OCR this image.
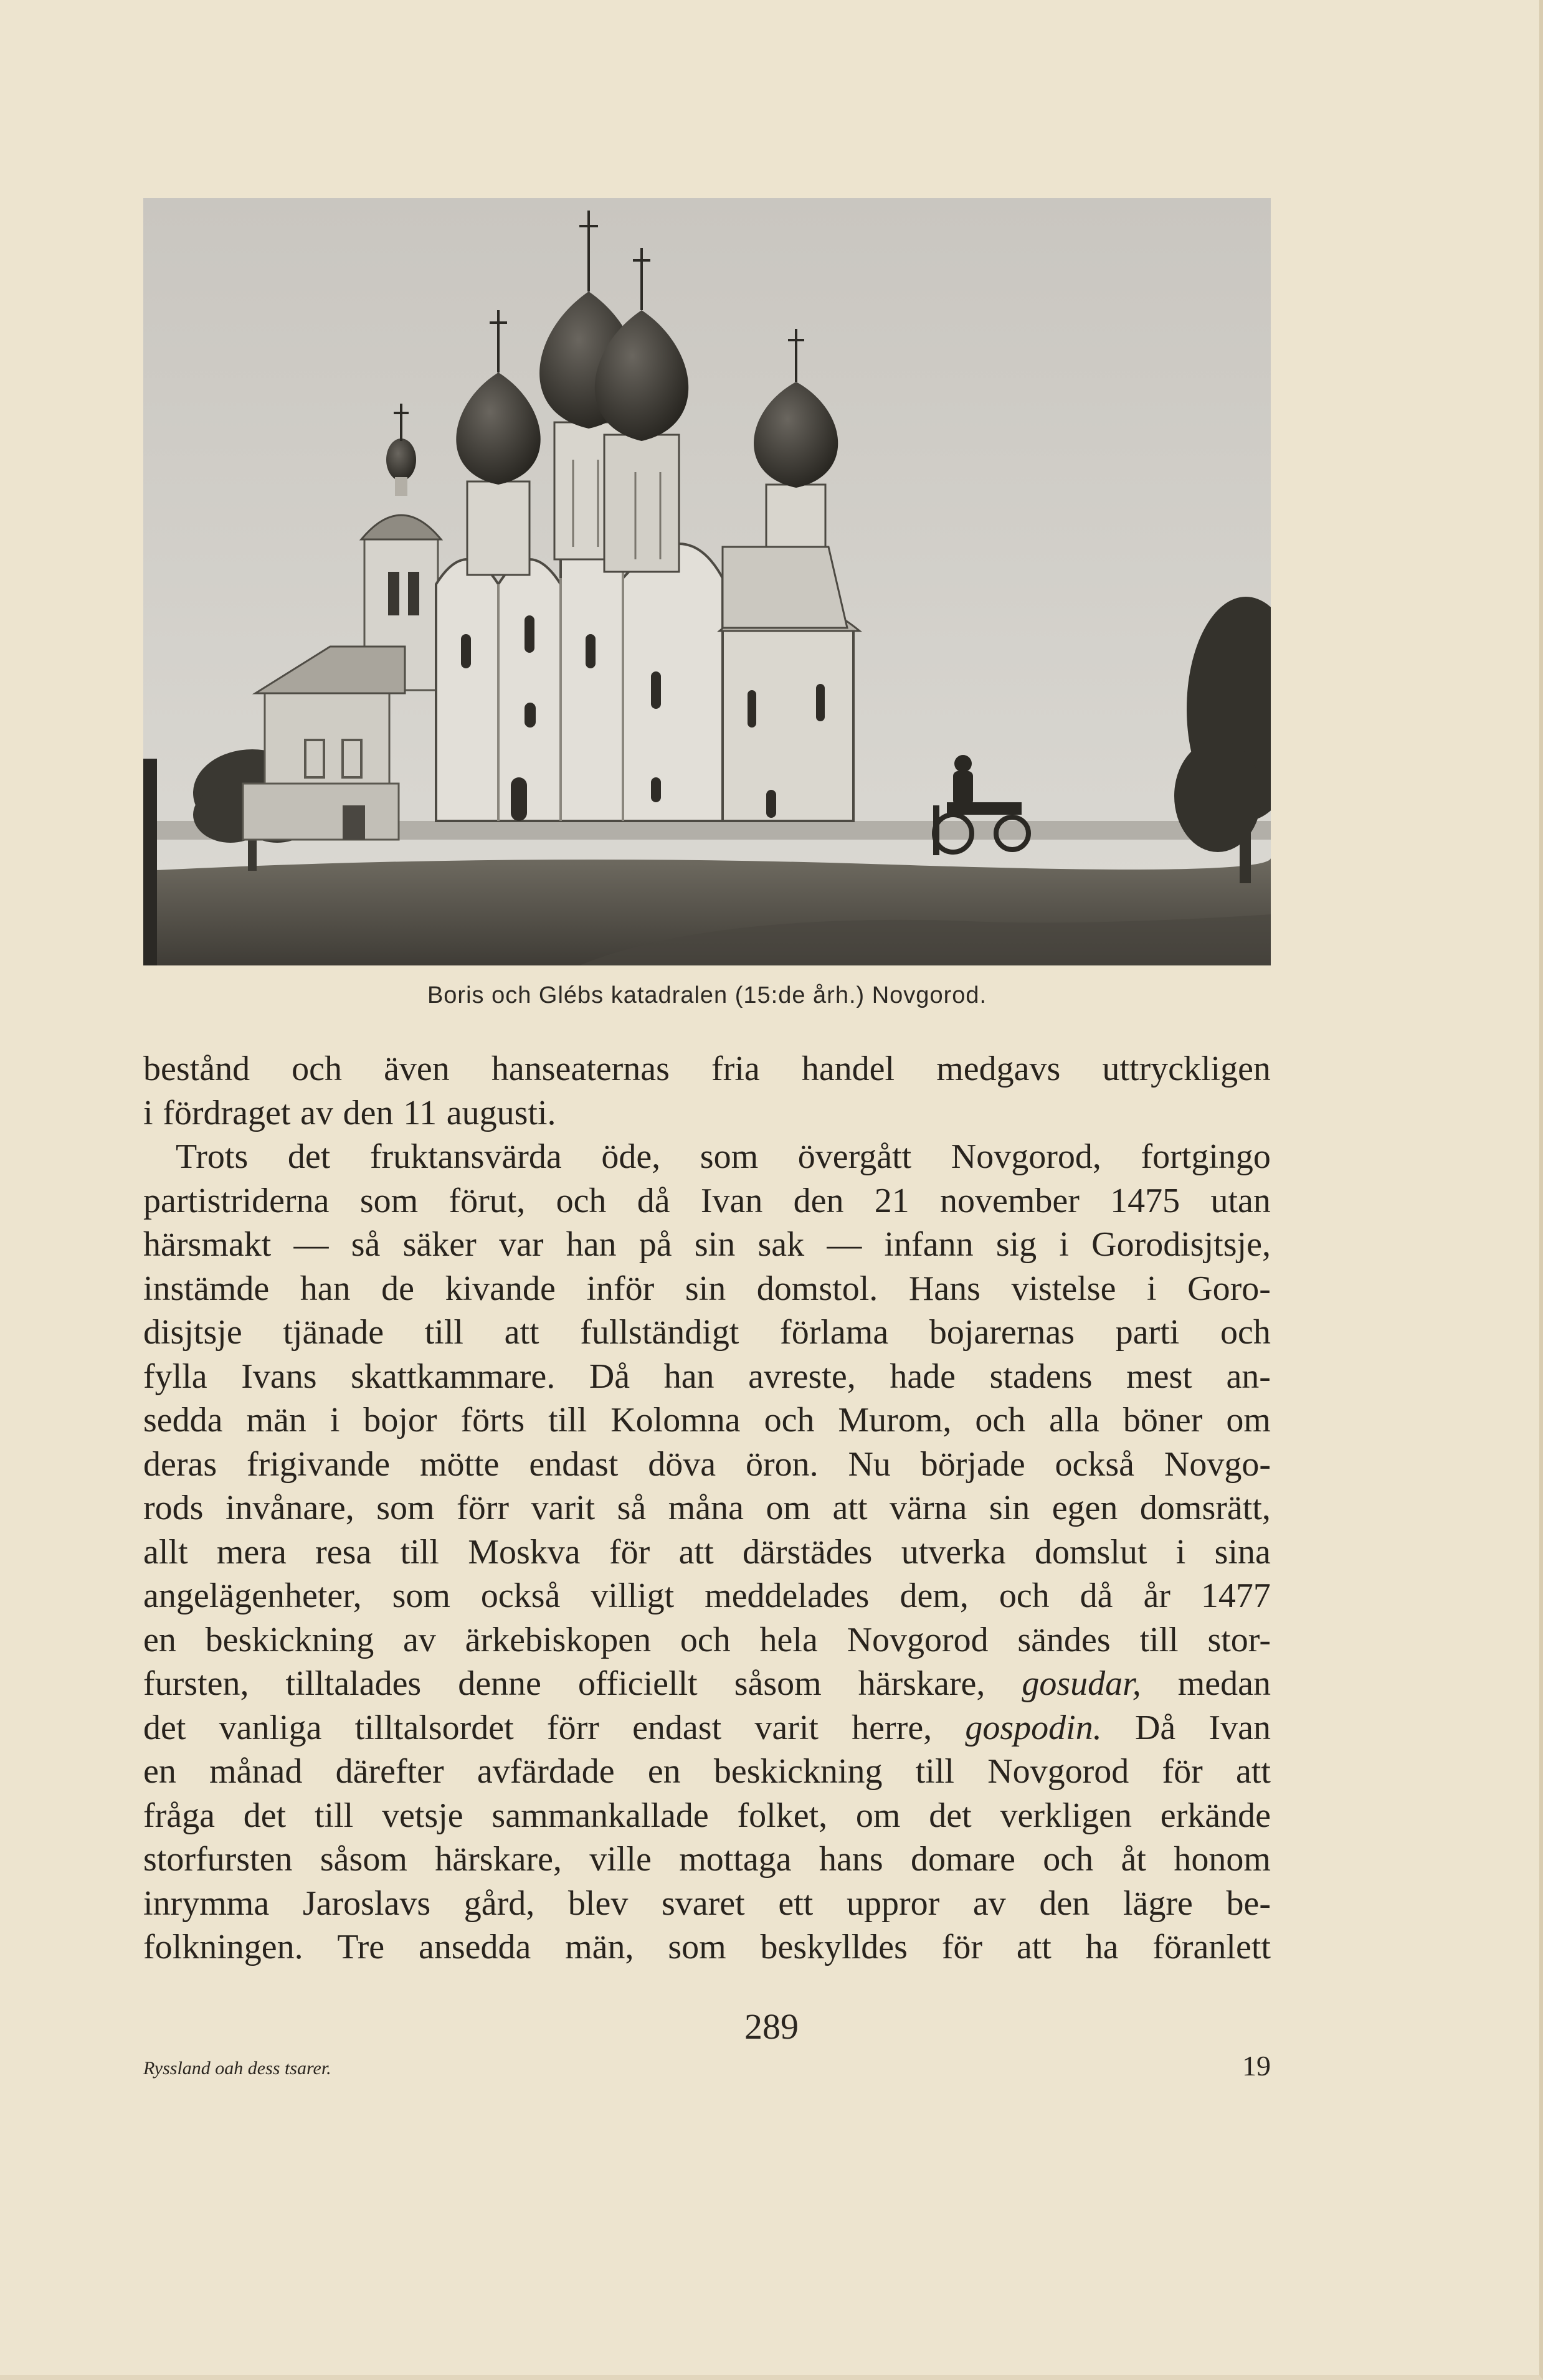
Boris och Glébs katadralen (15:de årh.) Novgorod.
bestånd och även hanseaternas fria handel medgavs uttryckligen
i fördraget av den 11 augusti.
Trots det fruktansvärda öde, som övergått Novgorod, fortgingo
partistriderna som förut, och då Ivan den 21 november 1475 utan
härsmakt — så säker var han på sin sak — infann sig i Gorodisjtsje,
instämde han de kivande inför sin domstol. Hans vistelse i Goro-
disjtsje tjänade till att fullständigt förlama bojarernas parti och
fylla Ivans skattkammare. Då han avreste, hade stadens mest an-
sedda män i bojor förts till Kolomna och Murom, och alla böner om
deras frigivande mötte endast döva öron. Nu började också Novgo-
rods invånare, som förr varit så måna om att värna sin egen domsrätt,
allt mera resa till Moskva för att därstädes utverka domslut i sina
angelägenheter, som också villigt meddelades dem, och då år 1477
en beskickning av ärkebiskopen och hela Novgorod sändes till stor-
fursten, tilltalades denne officiellt såsom härskare, gosudar, medan
det vanliga tilltalsordet förr endast varit herre, gospodin. Då Ivan
en månad därefter avfärdade en beskickning till Novgorod för att
fråga det till vetsje sammankallade folket, om det verkligen erkände
storfursten såsom härskare, ville mottaga hans domare och åt honom
inrymma Jaroslavs gård, blev svaret ett uppror av den lägre be-
folkningen. Tre ansedda män, som beskylldes för att ha föranlett
289
Ryssland oah dess tsarer.	19
